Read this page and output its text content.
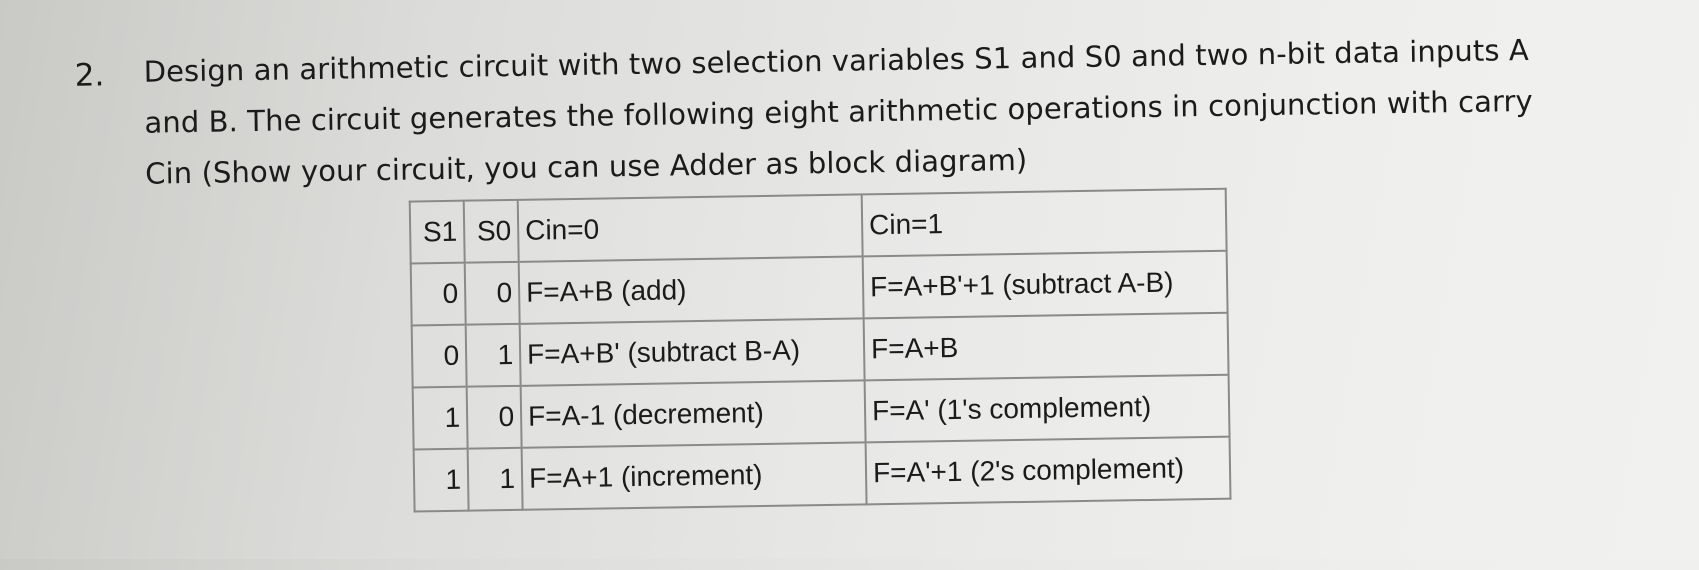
2. Design an arithmetic circuit with two selection variables S1 and S0 and two n-bit data inputs A
and B. The circuit generates the following eight arithmetic operations in conjunction with carry
Cin (Show your circuit, you can use Adder as block diagram)
S1	S0	Cin=0	Cin=1
0	0	F=A+B (add)	F=A+B'+1 (subtract A-B)
0	1	F=A+B' (subtract B-A)	F=A+B
1	0	F=A-1 (decrement)	F=A' (1's complement)
1	1	F=A+1 (increment)	F=A'+1 (2's complement)
